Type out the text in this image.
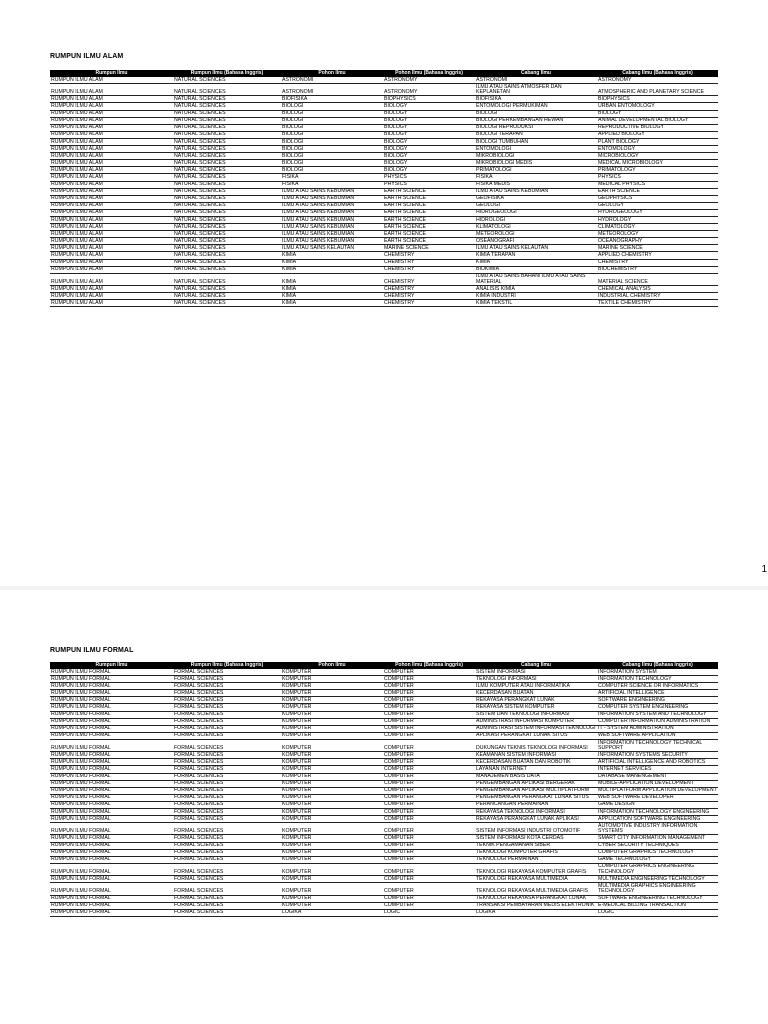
RUMPUN ILMU ALAM
Rumpun Ilmu	Rumpun Ilmu (Bahasa Inggris)	Pohon Ilmu	Pohon Ilmu (Bahasa Inggris)	Cabang Ilmu	Cabang Ilmu (Bahasa Inggris)
RUMPUN ILMU ALAM	NATURAL SCIENCES	ASTRONOMI	ASTRONOMY	ASTRONOMI	ASTRONOMY
RUMPUN ILMU ALAM	NATURAL SCIENCES	ASTRONOMI	ASTRONOMY	ILMU ATAU SAINS ATMOSFER DAN KEPLANETAN	ATMOSPHERIC AND PLANETARY SCIENCE
RUMPUN ILMU ALAM	NATURAL SCIENCES	BIOFISIKA	BIOPHYSICS	BIOFISIKA	BIOPHYSICS
RUMPUN ILMU ALAM	NATURAL SCIENCES	BIOLOGI	BIOLOGY	ENTOMOLOGI PERMUKIMAN	URBAN ENTOMOLOGY
RUMPUN ILMU ALAM	NATURAL SCIENCES	BIOLOGI	BIOLOGY	BIOLOGI	BIOLOGY
RUMPUN ILMU ALAM	NATURAL SCIENCES	BIOLOGI	BIOLOGY	BIOLOGI PERKEMBANGAN HEWAN	ANIMAL DEVELOPMENTAL BIOLOGY
RUMPUN ILMU ALAM	NATURAL SCIENCES	BIOLOGI	BIOLOGY	BIOLOGI REPRODUKSI	REPRODUCTIVE BIOLOGY
RUMPUN ILMU ALAM	NATURAL SCIENCES	BIOLOGI	BIOLOGY	BIOLOGI TERAPAN	APPLIED BIOLOGY
RUMPUN ILMU ALAM	NATURAL SCIENCES	BIOLOGI	BIOLOGY	BIOLOGI TUMBUHAN	PLANT BIOLOGY
RUMPUN ILMU ALAM	NATURAL SCIENCES	BIOLOGI	BIOLOGY	ENTOMOLOGI	ENTOMOLOGY
RUMPUN ILMU ALAM	NATURAL SCIENCES	BIOLOGI	BIOLOGY	MIKROBIOLOGI	MICROBIOLOGY
RUMPUN ILMU ALAM	NATURAL SCIENCES	BIOLOGI	BIOLOGY	MIKROBIOLOGI MEDIS	MEDICAL MICROBIOLOGY
RUMPUN ILMU ALAM	NATURAL SCIENCES	BIOLOGI	BIOLOGY	PRIMATOLOGI	PRIMATOLOGY
RUMPUN ILMU ALAM	NATURAL SCIENCES	FISIKA	PHYSICS	FISIKA	PHYSICS
RUMPUN ILMU ALAM	NATURAL SCIENCES	FISIKA	PHYSICS	FISIKA MEDIS	MEDICAL PHYSICS
RUMPUN ILMU ALAM	NATURAL SCIENCES	ILMU ATAU SAINS KEBUMIAN	EARTH SCIENCE	ILMU ATAU SAINS KEBUMIAN	EARTH SCIENCE
RUMPUN ILMU ALAM	NATURAL SCIENCES	ILMU ATAU SAINS KEBUMIAN	EARTH SCIENCE	GEOFISIKA	GEOPHYSICS
RUMPUN ILMU ALAM	NATURAL SCIENCES	ILMU ATAU SAINS KEBUMIAN	EARTH SCIENCE	GEOLOGI	GEOLOGY
RUMPUN ILMU ALAM	NATURAL SCIENCES	ILMU ATAU SAINS KEBUMIAN	EARTH SCIENCE	HIDROGEOLOGI	HYDROGEOLOGY
RUMPUN ILMU ALAM	NATURAL SCIENCES	ILMU ATAU SAINS KEBUMIAN	EARTH SCIENCE	HIDROLOGI	HYDROLOGY
RUMPUN ILMU ALAM	NATURAL SCIENCES	ILMU ATAU SAINS KEBUMIAN	EARTH SCIENCE	KLIMATOLOGI	CLIMATOLOGY
RUMPUN ILMU ALAM	NATURAL SCIENCES	ILMU ATAU SAINS KEBUMIAN	EARTH SCIENCE	METEOROLOGI	METEOROLOGY
RUMPUN ILMU ALAM	NATURAL SCIENCES	ILMU ATAU SAINS KEBUMIAN	EARTH SCIENCE	OSEANOGRAFI	OCEANOGRAPHY
RUMPUN ILMU ALAM	NATURAL SCIENCES	ILMU ATAU SAINS KELAUTAN	MARINE SCIENCE	ILMU ATAU SAINS KELAUTAN	MARINE SCIENCE
RUMPUN ILMU ALAM	NATURAL SCIENCES	KIMIA	CHEMISTRY	KIMIA TERAPAN	APPLIED CHEMISTRY
RUMPUN ILMU ALAM	NATURAL SCIENCES	KIMIA	CHEMISTRY	KIMIA	CHEMISTRY
RUMPUN ILMU ALAM	NATURAL SCIENCES	KIMIA	CHEMISTRY	BIOKIMIA	BIOCHEMISTRY
RUMPUN ILMU ALAM	NATURAL SCIENCES	KIMIA	CHEMISTRY	ILMU ATAU SAINS BAHAN/ ILMU ATAU SAINS MATERIAL	MATERIAL SCIENCE
RUMPUN ILMU ALAM	NATURAL SCIENCES	KIMIA	CHEMISTRY	ANALISIS KIMIA	CHEMICAL ANALYSIS
RUMPUN ILMU ALAM	NATURAL SCIENCES	KIMIA	CHEMISTRY	KIMIA INDUSTRI	INDUSTRIAL CHEMISTRY
RUMPUN ILMU ALAM	NATURAL SCIENCES	KIMIA	CHEMISTRY	KIMIA TEKSTIL	TEXTILE CHEMISTRY
1
RUMPUN ILMU FORMAL
Rumpun Ilmu	Rumpun Ilmu (Bahasa Inggris)	Pohon Ilmu	Pohon Ilmu (Bahasa Inggris)	Cabang Ilmu	Cabang Ilmu (Bahasa Inggris)
RUMPUN ILMU FORMAL	FORMAL SCIENCES	KOMPUTER	COMPUTER	SISTEM INFORMASI	INFORMATION SYSTEM
RUMPUN ILMU FORMAL	FORMAL SCIENCES	KOMPUTER	COMPUTER	TEKNOLOGI INFORMASI	INFORMATION TECHNOLOGY
RUMPUN ILMU FORMAL	FORMAL SCIENCES	KOMPUTER	COMPUTER	ILMU KOMPUTER ATAU INFORMATIKA	COMPUTER SCIENCE OR INFORMATICS
RUMPUN ILMU FORMAL	FORMAL SCIENCES	KOMPUTER	COMPUTER	KECERDASAN BUATAN	ARTIFICIAL INTELLIGENCE
RUMPUN ILMU FORMAL	FORMAL SCIENCES	KOMPUTER	COMPUTER	REKAYASA PERANGKAT LUNAK	SOFTWARE ENGINEERING
RUMPUN ILMU FORMAL	FORMAL SCIENCES	KOMPUTER	COMPUTER	REKAYASA SISTEM KOMPUTER	COMPUTER SYSTEM ENGINEERING
RUMPUN ILMU FORMAL	FORMAL SCIENCES	KOMPUTER	COMPUTER	SISTEM DAN TEKNOLOGI INFORMASI	INFORMATION SYSTEM AND TECHNOLOGY
RUMPUN ILMU FORMAL	FORMAL SCIENCES	KOMPUTER	COMPUTER	ADMINISTRASI INFORMASI KOMPUTER	COMPUTER INFORMATION ADMINISTRATION
RUMPUN ILMU FORMAL	FORMAL SCIENCES	KOMPUTER	COMPUTER	ADMINISTRASI SISTEM INFORMASI TEKNOLOGI	IT - SYSTEM ADMINISTRATION
RUMPUN ILMU FORMAL	FORMAL SCIENCES	KOMPUTER	COMPUTER	APLIKASI PERANGKAT LUNAK SITUS	WEB SOFTWARE APPLICATION
RUMPUN ILMU FORMAL	FORMAL SCIENCES	KOMPUTER	COMPUTER	DUKUNGAN TEKNIS TEKNOLOGI INFORMASI	INFORMATION TECHNOLOGY TECHNICAL SUPPORT
RUMPUN ILMU FORMAL	FORMAL SCIENCES	KOMPUTER	COMPUTER	KEAMANAN SISTEM INFORMASI	INFORMATION SYSTEMS SECURITY
RUMPUN ILMU FORMAL	FORMAL SCIENCES	KOMPUTER	COMPUTER	KECERDASAN BUATAN DAN ROBOTIK	ARTIFICIAL INTELLIGENCE AND ROBOTICS
RUMPUN ILMU FORMAL	FORMAL SCIENCES	KOMPUTER	COMPUTER	LAYANAN INTERNET	INTERNET SERVICES
RUMPUN ILMU FORMAL	FORMAL SCIENCES	KOMPUTER	COMPUTER	MANAJEMEN BASIS DATA	DATABASE MANENGEMENT
RUMPUN ILMU FORMAL	FORMAL SCIENCES	KOMPUTER	COMPUTER	PENGEMBANGAN APLIKASI BERGERAK	MOBILE-APPLICATION DEVELOPMENT
RUMPUN ILMU FORMAL	FORMAL SCIENCES	KOMPUTER	COMPUTER	PENGEMBANGAN APLIKASI MULTIPLATFORM	MULTIPLATFORM APPLICATION DEVELOPMENT
RUMPUN ILMU FORMAL	FORMAL SCIENCES	KOMPUTER	COMPUTER	PENGEMBANGAN PERANGKAT LUNAK SITUS	WEB SOFTWARE DEVELOPER
RUMPUN ILMU FORMAL	FORMAL SCIENCES	KOMPUTER	COMPUTER	PERANCANGAN PERMAINAN	GAME DESIGN
RUMPUN ILMU FORMAL	FORMAL SCIENCES	KOMPUTER	COMPUTER	REKAYASA TEKNOLOGI INFORMASI	INFORMATION TECHNOLOGY ENGINEERING
RUMPUN ILMU FORMAL	FORMAL SCIENCES	KOMPUTER	COMPUTER	REKAYASA PERANGKAT LUNAK APLIKASI	APPLICATION SOFTWARE ENGINEERING
RUMPUN ILMU FORMAL	FORMAL SCIENCES	KOMPUTER	COMPUTER	SISTEM INFORMASI INDUSTRI OTOMOTIF	AUTOMOTIVE INDUSTRY INFORMATION SYSTEMS
RUMPUN ILMU FORMAL	FORMAL SCIENCES	KOMPUTER	COMPUTER	SISTEM INFORMASI KOTA CERDAS	SMART CITY INFORMATION MANAGEMENT
RUMPUN ILMU FORMAL	FORMAL SCIENCES	KOMPUTER	COMPUTER	TEKNIK PENGAMANAN SIBER	CYBER SECURITY TECHNIQUES
RUMPUN ILMU FORMAL	FORMAL SCIENCES	KOMPUTER	COMPUTER	TEKNOLOGI KOMPUTER GRAFIS	COMPUTER GRAPHICS TECHNOLOGY
RUMPUN ILMU FORMAL	FORMAL SCIENCES	KOMPUTER	COMPUTER	TEKNOLOGI PERMAINAN	GAME TECHNOLOGY
RUMPUN ILMU FORMAL	FORMAL SCIENCES	KOMPUTER	COMPUTER	TEKNOLOGI REKAYASA KOMPUTER GRAFIS	COMPUTER GRAPHICS ENGINEERING TECHNOLOGY
RUMPUN ILMU FORMAL	FORMAL SCIENCES	KOMPUTER	COMPUTER	TEKNOLOGI REKAYASA MULTIMEDIA	MULTIMEDIA ENGINEERING TECHNOLOGY
RUMPUN ILMU FORMAL	FORMAL SCIENCES	KOMPUTER	COMPUTER	TEKNOLOGI REKAYASA MULTIMEDIA GRAFIS	MULTIMEDIA GRAPHICS ENGINEERING TECHNOLOGY
RUMPUN ILMU FORMAL	FORMAL SCIENCES	KOMPUTER	COMPUTER	TEKNOLOGI REKAYASA PERANGKAT LUNAK	SOFTWARE ENGINEERING TECHNOLOGY
RUMPUN ILMU FORMAL	FORMAL SCIENCES	KOMPUTER	COMPUTER	TRANSAKSI PEMBAYARAN MEDIS ELEKTRONIK	E-MEDICAL BILLING TRANSACTION
RUMPUN ILMU FORMAL	FORMAL SCIENCES	LOGIKA	LOGIC	LOGIKA	LOGIC
